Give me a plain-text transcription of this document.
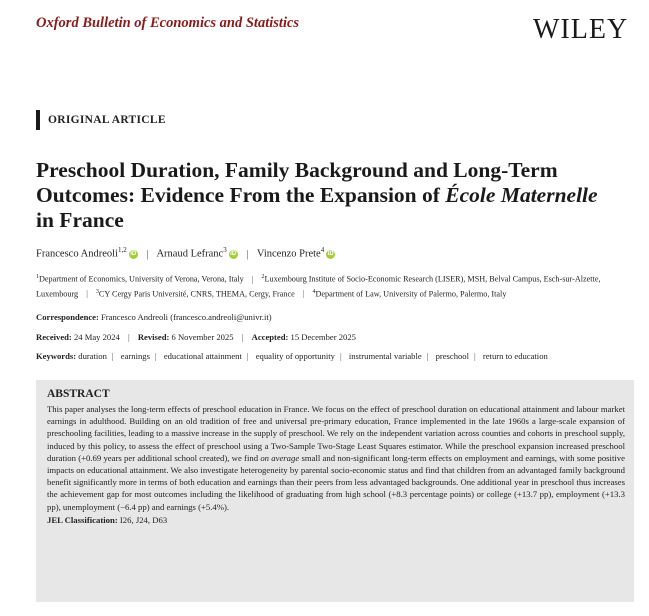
Oxford Bulletin of Economics and Statistics	WILEY
ORIGINAL ARTICLE
Preschool Duration, Family Background and Long-Term Outcomes: Evidence From the Expansion of École Maternelle in France
Francesco Andreoli$^{1,2}$ iD | Arnaud Lefranc$^3$ iD | Vincenzo Prete$^4$ iD
$^1$Department of Economics, University of Verona, Verona, Italy | $^2$Luxembourg Institute of Socio-Economic Research (LISER), MSH, Belval Campus, Esch-sur-Alzette, Luxembourg | $^3$CY Cergy Paris Université, CNRS, THEMA, Cergy, France | $^4$Department of Law, University of Palermo, Palermo, Italy
Correspondence: Francesco Andreoli (francesco.andreoli@univr.it)
Received: 24 May 2024 | Revised: 6 November 2025 | Accepted: 15 December 2025
Keywords: duration | earnings | educational attainment | equality of opportunity | instrumental variable | preschool | return to education
ABSTRACT
This paper analyses the long-term effects of preschool education in France. We focus on the effect of preschool duration on educational attainment and labour market earnings in adulthood. Building on an old tradition of free and universal pre-primary education, France implemented in the late 1960s a large-scale expansion of preschooling facilities, leading to a massive increase in the supply of preschool. We rely on the independent variation across counties and cohorts in preschool supply, induced by this policy, to assess the effect of preschool using a Two-Sample Two-Stage Least Squares estimator. While the preschool expansion increased preschool duration (+0.69 years per additional school created), we find on average small and non-significant long-term effects on employment and earnings, with some positive impacts on educational attainment. We also investigate heterogeneity by parental socio-economic status and find that children from an advantaged family background benefit significantly more in terms of both education and earnings than their peers from less advantaged backgrounds. One additional year in preschool thus increases the achievement gap for most outcomes including the likelihood of graduating from high school (+8.3 percentage points) or college (+13.7 pp), employment (+13.3 pp), unemployment (−6.4 pp) and earnings (+5.4%).
JEL Classification: I26, J24, D63
